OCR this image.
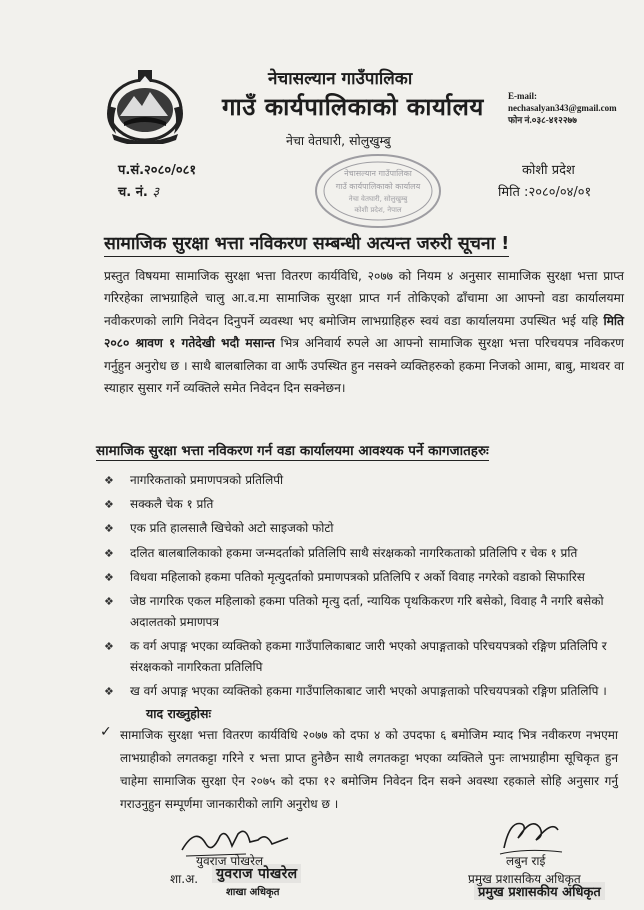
नेचासल्यान गाउँपालिका
गाउँ कार्यपालिकाको कार्यालय
नेचा वेतघारी, सोलुखुम्बु
E-mail:
nechasalyan343@gmail.com
फोन नं.०३८-४१२२७७
प.सं.२०८०/०८१
च. नं. ३
कोशी प्रदेश
मिति :२०८०/०४/०१
नेचासल्यान गाउँपालिका
गाउँ कार्यपालिकाको कार्यालय
नेचा वेतघारी, सोलुखुम्बु
कोशी प्रदेश, नेपाल
सामाजिक सुरक्षा भत्ता नविकरण सम्बन्धी अत्यन्त जरुरी सूचना !

प्रस्तुत विषयमा सामाजिक सुरक्षा भत्ता वितरण कार्यविधि, २०७७ को नियम ४ अनुसार सामाजिक सुरक्षा भत्ता प्राप्त गरिरहेका लाभग्राहिले चालु आ.व.मा सामाजिक सुरक्षा प्राप्त गर्न तोकिएको ढाँचामा आ आफ्नो वडा कार्यालयमा नवीकरणको लागि निवेदन दिनुपर्ने व्यवस्था भए बमोजिम लाभग्राहिहरु स्वयं वडा कार्यालयमा उपस्थित भई यहि मिति २०८० श्रावण १ गतेदेखी भदौ मसान्त भित्र अनिवार्य रुपले आ आफ्नो सामाजिक सुरक्षा भत्ता परिचयपत्र नविकरण गर्नुहुन अनुरोध छ । साथै बालबालिका वा आफैं उपस्थित हुन नसक्ने व्यक्तिहरुको हकमा निजको आमा, बाबु, माथवर वा स्याहार सुसार गर्ने व्यक्तिले समेत निवेदन दिन सक्नेछन।

सामाजिक सुरक्षा भत्ता नविकरण गर्न वडा कार्यालयमा आवश्यक पर्ने कागजातहरुः
❖	नागरिकताको प्रमाणपत्रको प्रतिलिपी
❖	सक्कलै चेक १ प्रति
❖	एक प्रति हालसालै खिचेको अटो साइजको फोटो
❖	दलित बालबालिकाको हकमा जन्मदर्ताको प्रतिलिपि साथै संरक्षकको नागरिकताको प्रतिलिपि र चेक १ प्रति
❖	विधवा महिलाको हकमा पतिको मृत्युदर्ताको प्रमाणपत्रको प्रतिलिपि र अर्को विवाह नगरेको वडाको सिफारिस
❖	जेष्ठ नागरिक एकल महिलाको हकमा पतिको मृत्यु दर्ता, न्यायिक पृथकिकरण गरि बसेको, विवाह नै नगरि बसेको अदालतको प्रमाणपत्र
❖	क वर्ग अपाङ्ग भएका व्यक्तिको हकमा गाउँपालिकाबाट जारी भएको अपाङ्गताको परिचयपत्रको रङ्गिण प्रतिलिपि र संरक्षकको नागरिकता प्रतिलिपि
❖	ख वर्ग अपाङ्ग भएका व्यक्तिको हकमा गाउँपालिकाबाट जारी भएको अपाङ्गताको परिचयपत्रको रङ्गिण प्रतिलिपि ।
याद राख्नुहोसः
✓ सामाजिक सुरक्षा भत्ता वितरण कार्यविधि २०७७ को दफा ४ को उपदफा ६ बमोजिम म्याद भित्र नवीकरण नभएमा लाभग्राहीको लगतकट्टा गरिने र भत्ता प्राप्त हुनेछैन साथै लगतकट्टा भएका व्यक्तिले पुनः लाभग्राहीमा सूचिकृत हुन चाहेमा सामाजिक सुरक्षा ऐन २०७५ को दफा १२ बमोजिम निवेदन दिन सक्ने अवस्था रहकाले सोहि अनुसार गर्नु गराउनुहुन सम्पूर्णमा जानकारीको लागि अनुरोध छ ।

युवराज पोखरेल
शा.अ. युवराज पोखरेल
शाखा अधिकृत
लबुन राई
प्रमुख प्रशासकिय अधिकृत
प्रमुख प्रशासकीय अधिकृत
